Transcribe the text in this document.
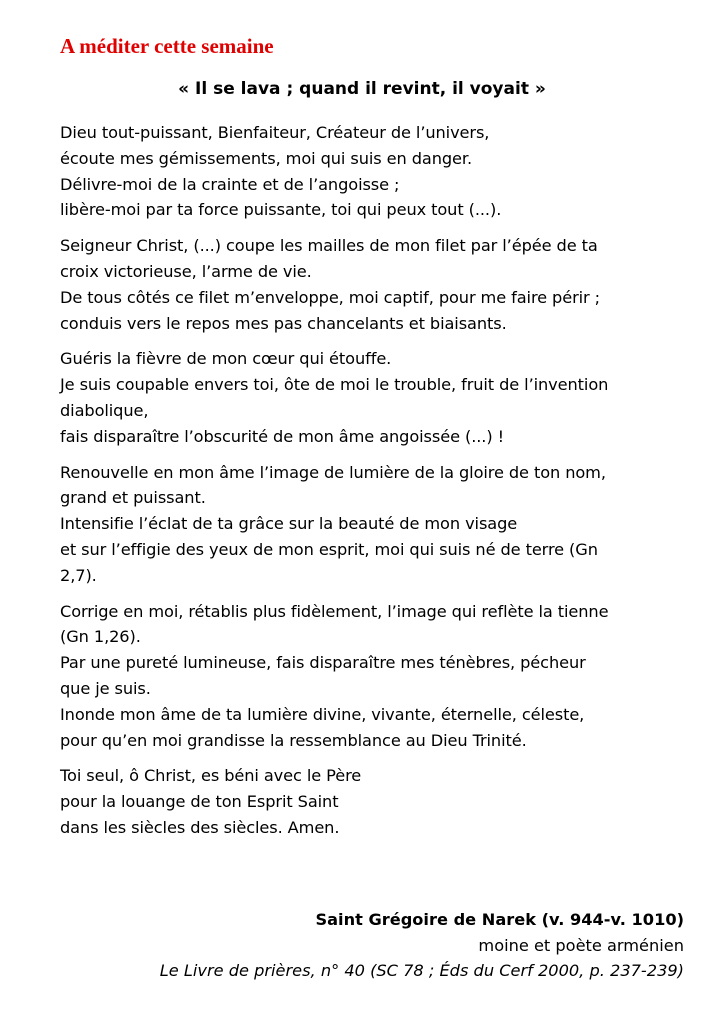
A méditer cette semaine
« Il se lava ; quand il revint, il voyait »

Dieu tout-puissant, Bienfaiteur, Créateur de l’univers,
écoute mes gémissements, moi qui suis en danger.
Délivre-moi de la crainte et de l’angoisse ;
libère-moi par ta force puissante, toi qui peux tout (...).

Seigneur Christ, (...) coupe les mailles de mon filet par l’épée de ta
croix victorieuse, l’arme de vie.
De tous côtés ce filet m’enveloppe, moi captif, pour me faire périr ;
conduis vers le repos mes pas chancelants et biaisants.

Guéris la fièvre de mon cœur qui étouffe.
Je suis coupable envers toi, ôte de moi le trouble, fruit de l’invention
diabolique,
fais disparaître l’obscurité de mon âme angoissée (...) !

Renouvelle en mon âme l’image de lumière de la gloire de ton nom,
grand et puissant.
Intensifie l’éclat de ta grâce sur la beauté de mon visage
et sur l’effigie des yeux de mon esprit, moi qui suis né de terre (Gn
2,7).

Corrige en moi, rétablis plus fidèlement, l’image qui reflète la tienne
(Gn 1,26).
Par une pureté lumineuse, fais disparaître mes ténèbres, pécheur
que je suis.
Inonde mon âme de ta lumière divine, vivante, éternelle, céleste,
pour qu’en moi grandisse la ressemblance au Dieu Trinité.

Toi seul, ô Christ, es béni avec le Père
pour la louange de ton Esprit Saint
dans les siècles des siècles. Amen.

Saint Grégoire de Narek (v. 944-v. 1010)
moine et poète arménien
Le Livre de prières, n° 40 (SC 78 ; Éds du Cerf 2000, p. 237-239)
